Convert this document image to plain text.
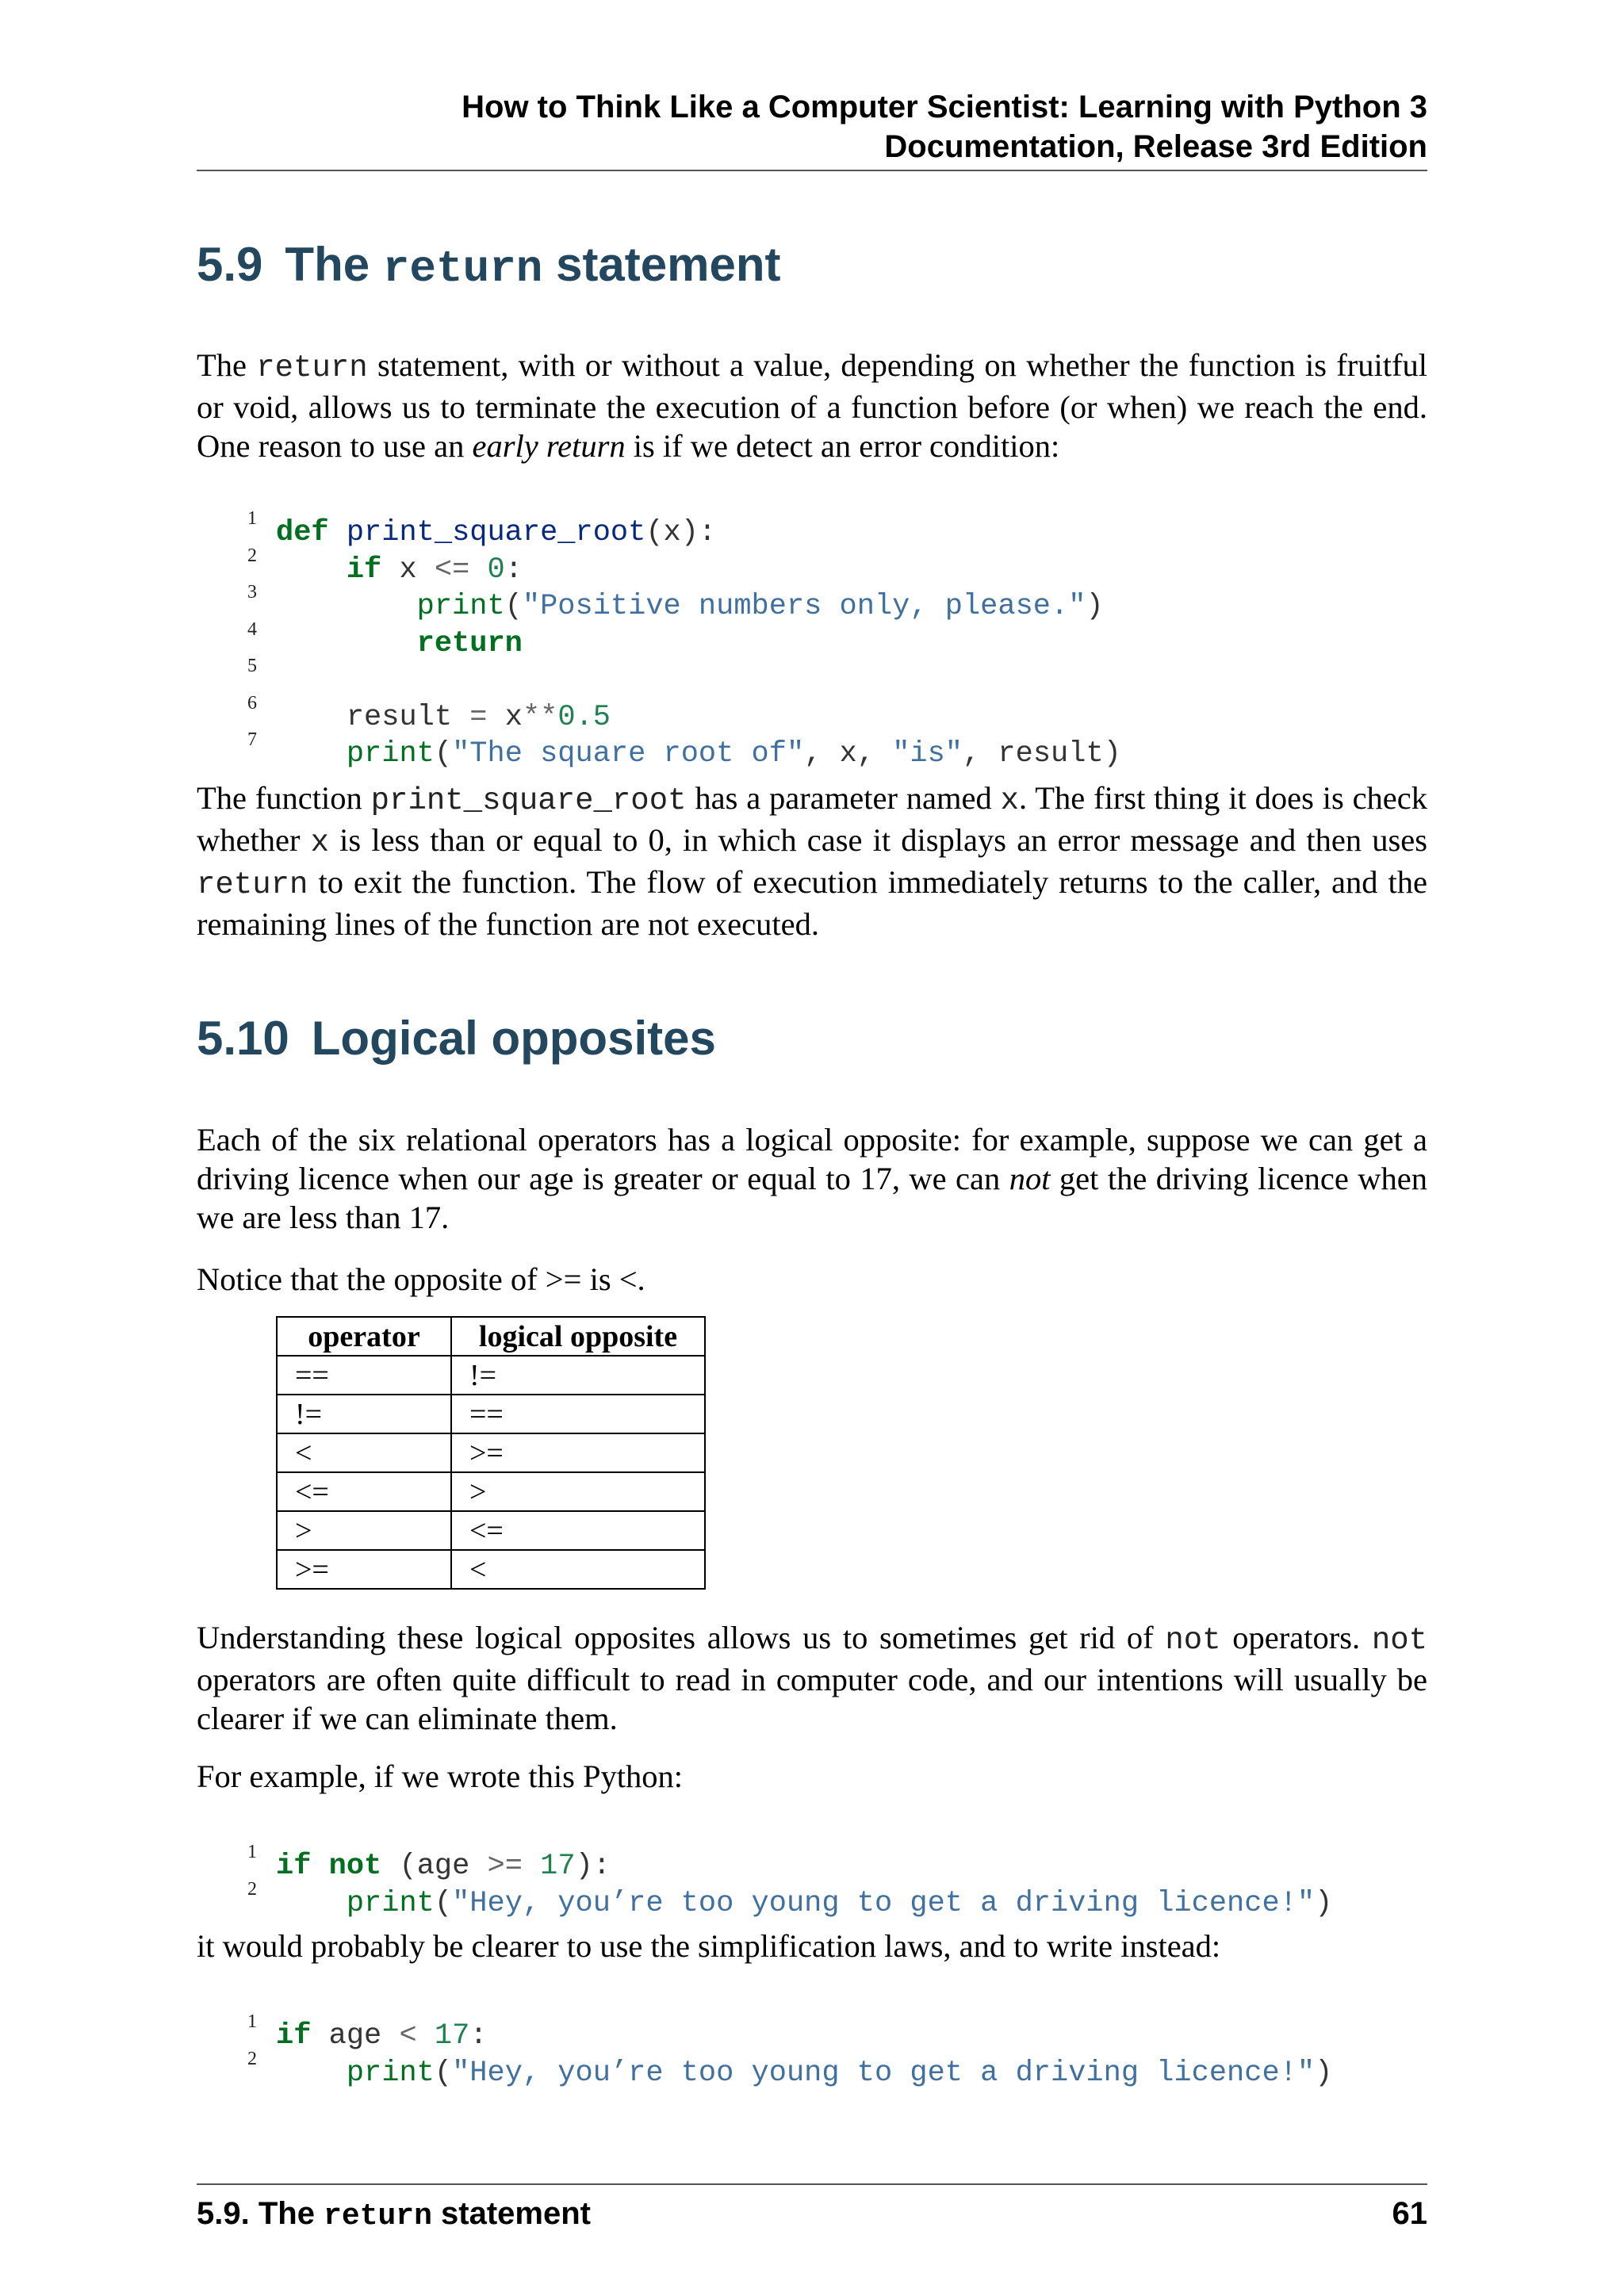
How to Think Like a Computer Scientist: Learning with Python 3
Documentation, Release 3rd Edition
5.9 The return statement

The return statement, with or without a value, depending on whether the function is fruitful or void, allows us to terminate the execution of a function before (or when) we reach the end. One reason to use an early return is if we detect an error condition:

1

def print_square_root(x):

2

	if x <= 0:

3

	print("Positive numbers only, please.")

4

	return

5

6

	result = x**0.5

7

	print("The square root of", x, "is", result)

The function print_square_root has a parameter named x. The first thing it does is check whether x is less than or equal to 0, in which case it displays an error message and then uses return to exit the function. The flow of execution immediately returns to the caller, and the remaining lines of the function are not executed.

5.10 Logical opposites

Each of the six relational operators has a logical opposite: for example, suppose we can get a driving licence when our age is greater or equal to 17, we can not get the driving licence when we are less than 17.

Notice that the opposite of >= is <.

operator	logical opposite
==	!=
!=	==
<	>=
<=	>
>	<=
>=	<

Understanding these logical opposites allows us to sometimes get rid of not operators. not operators are often quite difficult to read in computer code, and our intentions will usually be clearer if we can eliminate them.

For example, if we wrote this Python:

1

if not (age >= 17):

2

	print("Hey, you’re too young to get a driving licence!")

it would probably be clearer to use the simplification laws, and to write instead:

1

if age < 17:

2

	print("Hey, you’re too young to get a driving licence!")

5.9. The return statement	61
